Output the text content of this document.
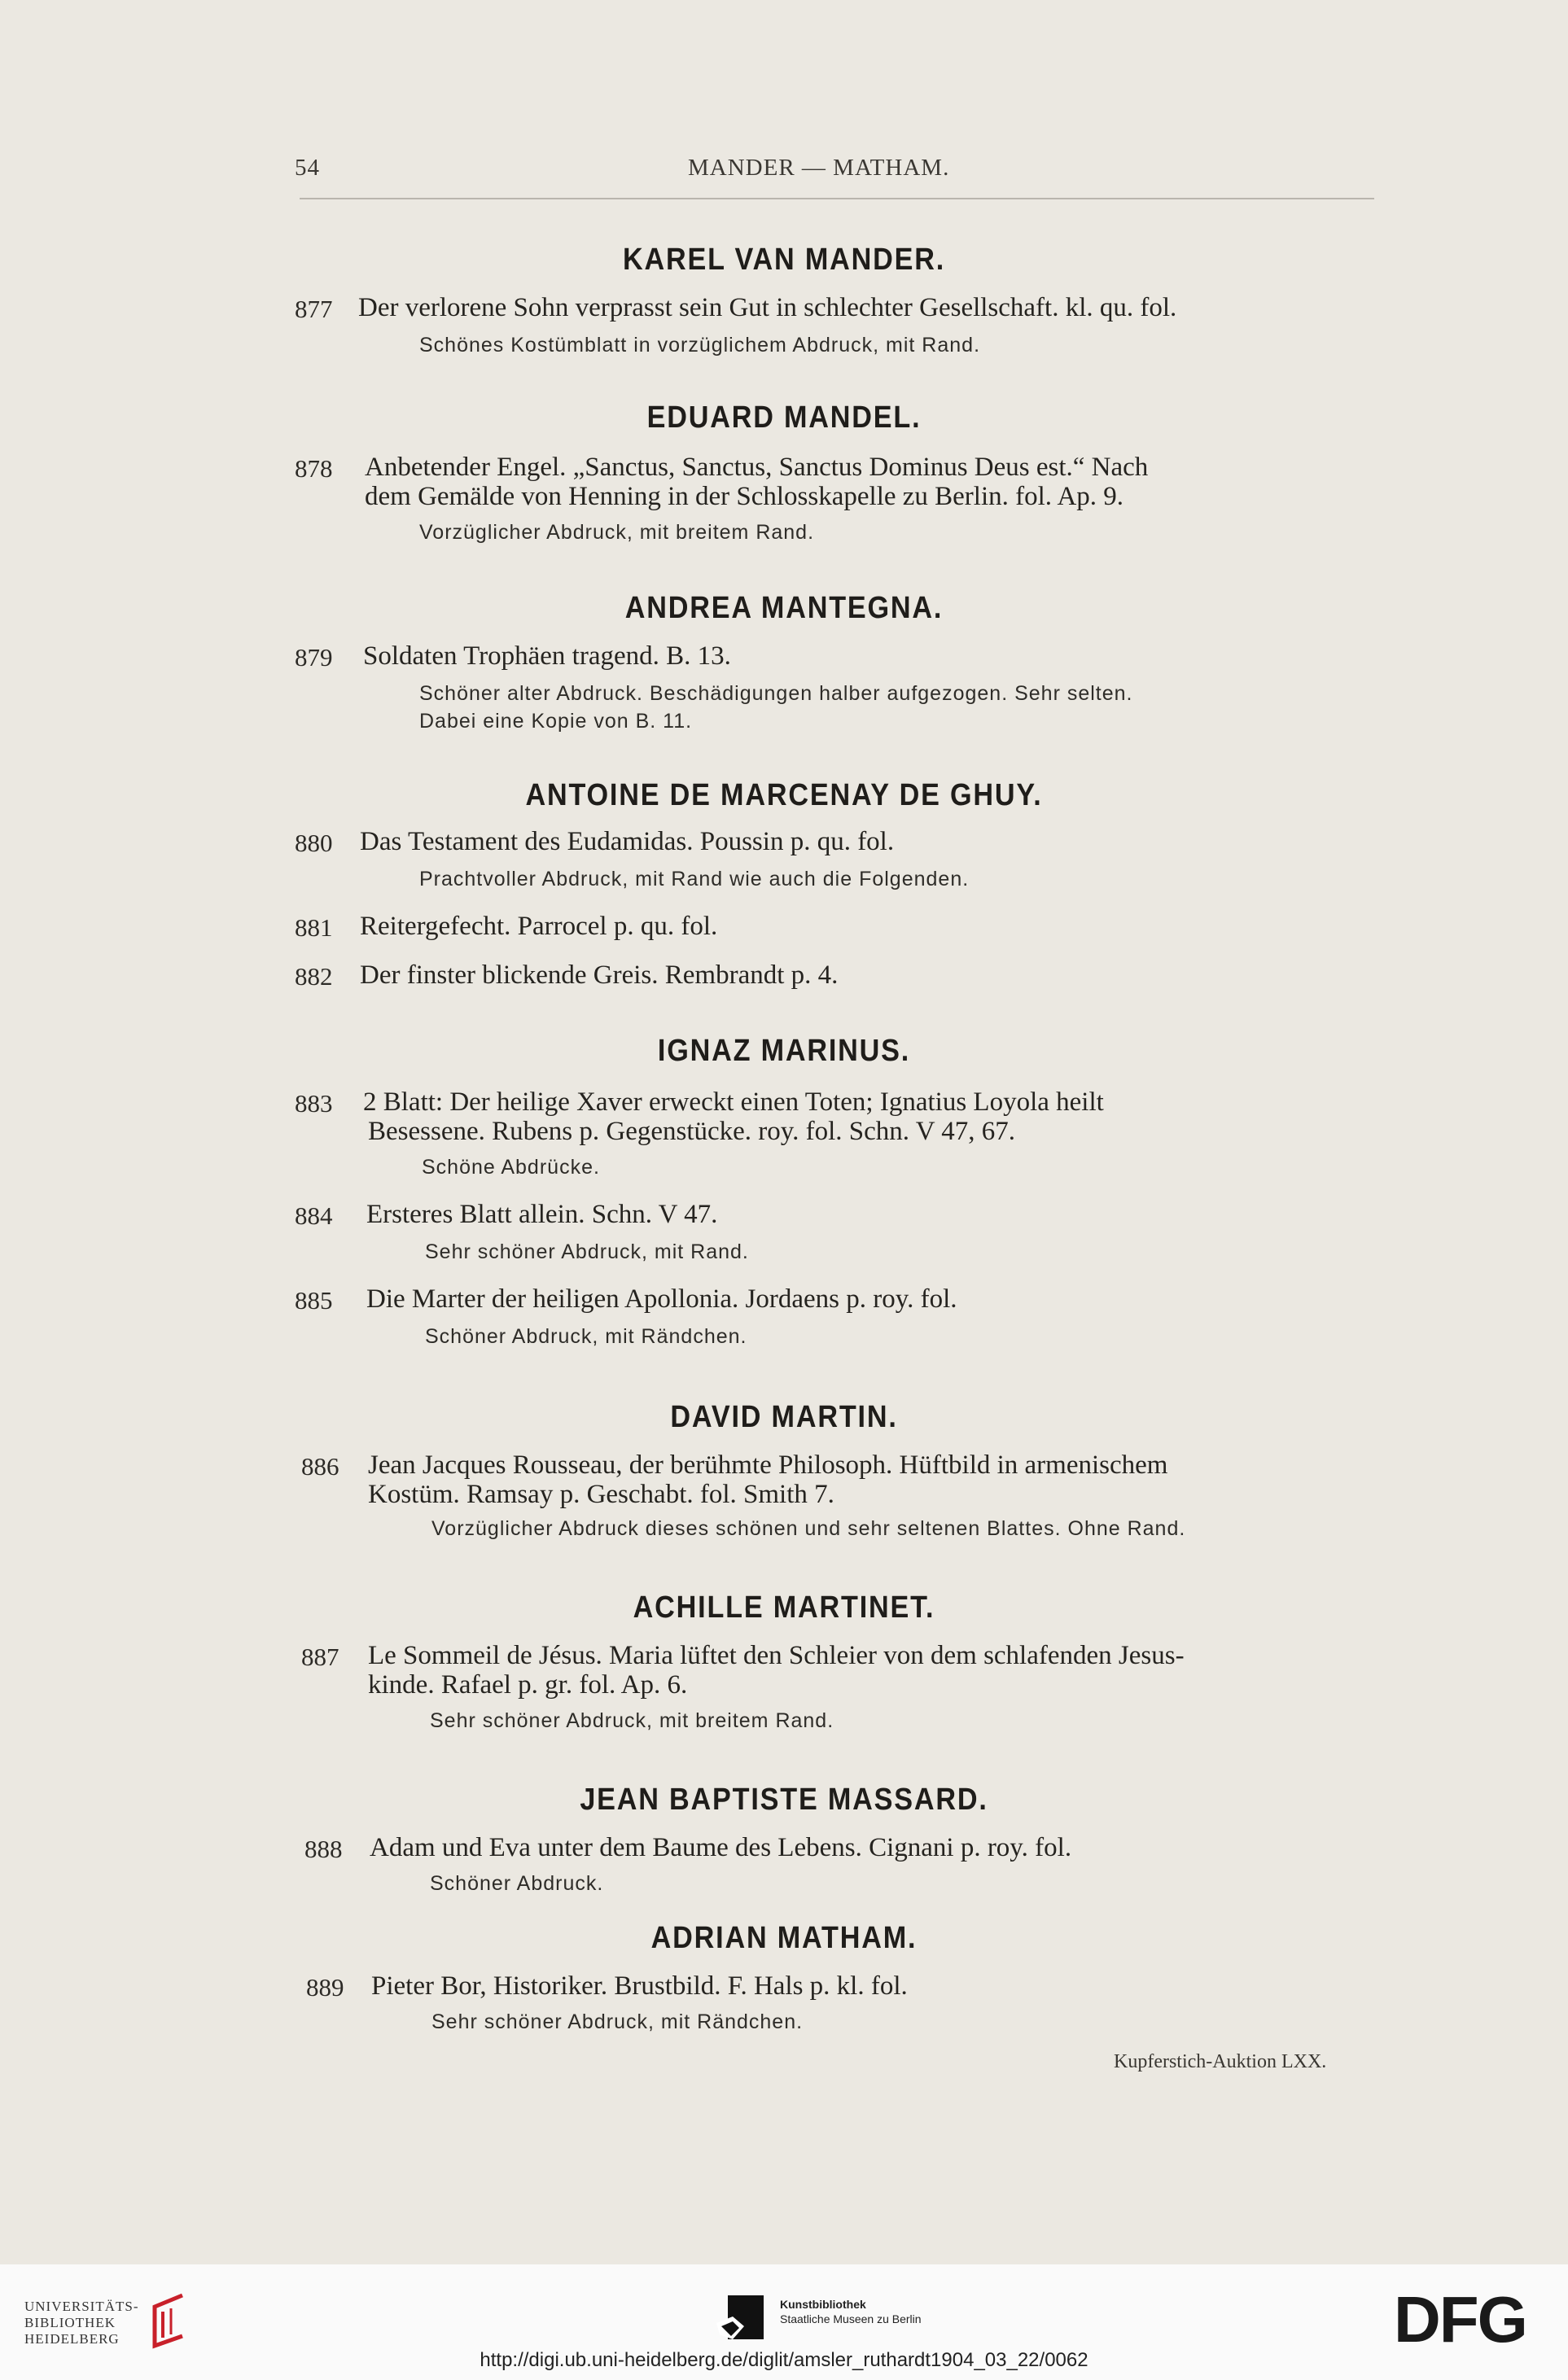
54	MANDER — MATHAM.
KAREL VAN MANDER.
877 Der verlorene Sohn verprasst sein Gut in schlechter Gesellschaft. kl. qu. fol.
Schönes Kostümblatt in vorzüglichem Abdruck, mit Rand.
EDUARD MANDEL.
878 Anbetender Engel. „Sanctus, Sanctus, Sanctus Dominus Deus est.“ Nach
dem Gemälde von Henning in der Schlosskapelle zu Berlin. fol. Ap. 9.
Vorzüglicher Abdruck, mit breitem Rand.
ANDREA MANTEGNA.
879 Soldaten Trophäen tragend. B. 13.
Schöner alter Abdruck. Beschädigungen halber aufgezogen. Sehr selten.
Dabei eine Kopie von B. 11.
ANTOINE DE MARCENAY DE GHUY.
880 Das Testament des Eudamidas. Poussin p. qu. fol.
Prachtvoller Abdruck, mit Rand wie auch die Folgenden.
881 Reitergefecht. Parrocel p. qu. fol.
882 Der finster blickende Greis. Rembrandt p. 4.
IGNAZ MARINUS.
883 2 Blatt: Der heilige Xaver erweckt einen Toten; Ignatius Loyola heilt
Besessene. Rubens p. Gegenstücke. roy. fol. Schn. V 47, 67.
Schöne Abdrücke.
884 Ersteres Blatt allein. Schn. V 47.
Sehr schöner Abdruck, mit Rand.
885 Die Marter der heiligen Apollonia. Jordaens p. roy. fol.
Schöner Abdruck, mit Rändchen.
DAVID MARTIN.
886 Jean Jacques Rousseau, der berühmte Philosoph. Hüftbild in armenischem
Kostüm. Ramsay p. Geschabt. fol. Smith 7.
Vorzüglicher Abdruck dieses schönen und sehr seltenen Blattes. Ohne Rand.
ACHILLE MARTINET.
887 Le Sommeil de Jésus. Maria lüftet den Schleier von dem schlafenden Jesus-
kinde. Rafael p. gr. fol. Ap. 6.
Sehr schöner Abdruck, mit breitem Rand.
JEAN BAPTISTE MASSARD.
888 Adam und Eva unter dem Baume des Lebens. Cignani p. roy. fol.
Schöner Abdruck.
ADRIAN MATHAM.
889 Pieter Bor, Historiker. Brustbild. F. Hals p. kl. fol.
Sehr schöner Abdruck, mit Rändchen.
Kupferstich-Auktion LXX.
UNIVERSITÄTS-
BIBLIOTHEK
HEIDELBERG
Kunstbibliothek
Staatliche Museen zu Berlin	DFG
http://digi.ub.uni-heidelberg.de/diglit/amsler_ruthardt1904_03_22/0062
